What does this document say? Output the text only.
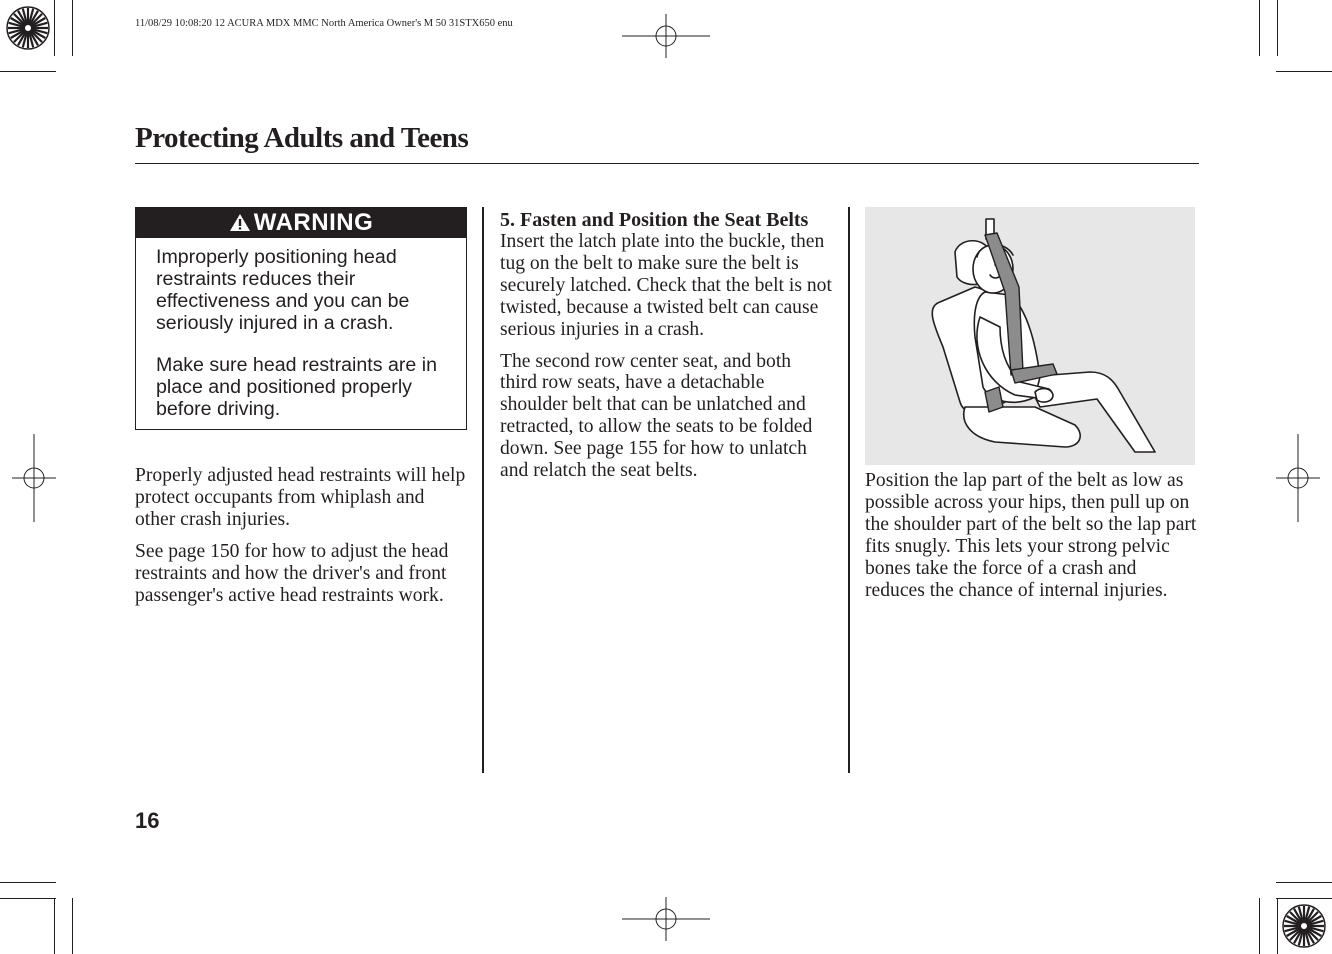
11/08/29 10:08:20 12 ACURA MDX MMC North America Owner's M 50 31STX650 enu
Protecting Adults and Teens
WARNING

Improperly positioning head restraints reduces their effectiveness and you can be seriously injured in a crash.

Make sure head restraints are in place and positioned properly before driving.

Properly adjusted head restraints will help protect occupants from whiplash and other crash injuries.

See page 150 for how to adjust the head restraints and how the driver's and front passenger's active head restraints work.

5. Fasten and Position the Seat Belts

Insert the latch plate into the buckle, then tug on the belt to make sure the belt is securely latched. Check that the belt is not twisted, because a twisted belt can cause serious injuries in a crash.

The second row center seat, and both third row seats, have a detachable shoulder belt that can be unlatched and retracted, to allow the seats to be folded down. See page 155 for how to unlatch and relatch the seat belts.	Position the lap part of the belt as low as possible across your hips, then pull up on the shoulder part of the belt so the lap part fits snugly. This lets your strong pelvic bones take the force of a crash and reduces the chance of internal injuries.

16
